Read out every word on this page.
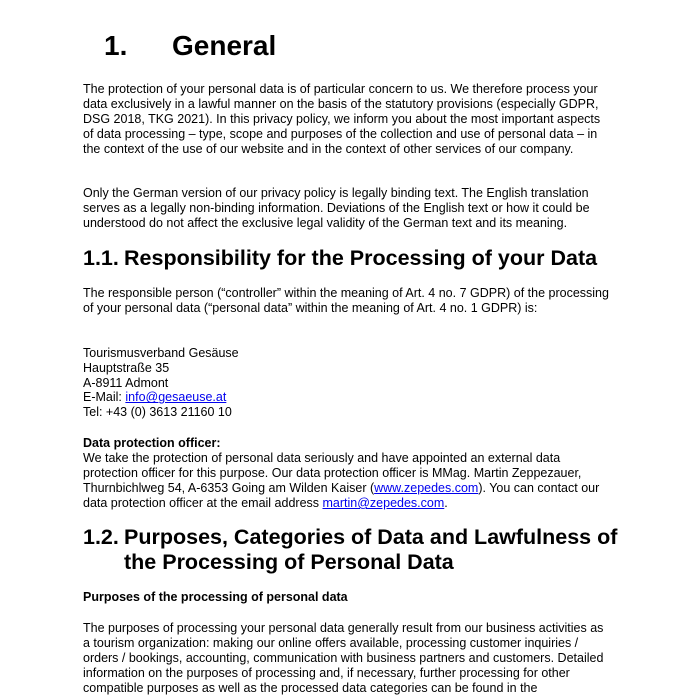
1. General
The protection of your personal data is of particular concern to us. We therefore process your data exclusively in a lawful manner on the basis of the statutory provisions (especially GDPR, DSG 2018, TKG 2021). In this privacy policy, we inform you about the most important aspects of data processing – type, scope and purposes of the collection and use of personal data – in the context of the use of our website and in the context of other services of our company.
Only the German version of our privacy policy is legally binding text. The English translation serves as a legally non-binding information. Deviations of the English text or how it could be understood do not affect the exclusive legal validity of the German text and its meaning.
1.1. Responsibility for the Processing of your Data
The responsible person (“controller” within the meaning of Art. 4 no. 7 GDPR) of the processing of your personal data (“personal data” within the meaning of Art. 4 no. 1 GDPR) is:
Tourismusverband Gesäuse
Hauptstraße 35
A-8911 Admont
E-Mail: info@gesaeuse.at
Tel: +43 (0) 3613 21160 10
Data protection officer:
We take the protection of personal data seriously and have appointed an external data protection officer for this purpose. Our data protection officer is MMag. Martin Zeppezauer, Thurnbichlweg 54, A-6353 Going am Wilden Kaiser (www.zepedes.com). You can contact our data protection officer at the email address martin@zepedes.com.
1.2. Purposes, Categories of Data and Lawfulness of
the Processing of Personal Data
Purposes of the processing of personal data
The purposes of processing your personal data generally result from our business activities as a tourism organization: making our online offers available, processing customer inquiries / orders / bookings, accounting, communication with business partners and customers. Detailed information on the purposes of processing and, if necessary, further processing for other compatible purposes as well as the processed data categories can be found in the
